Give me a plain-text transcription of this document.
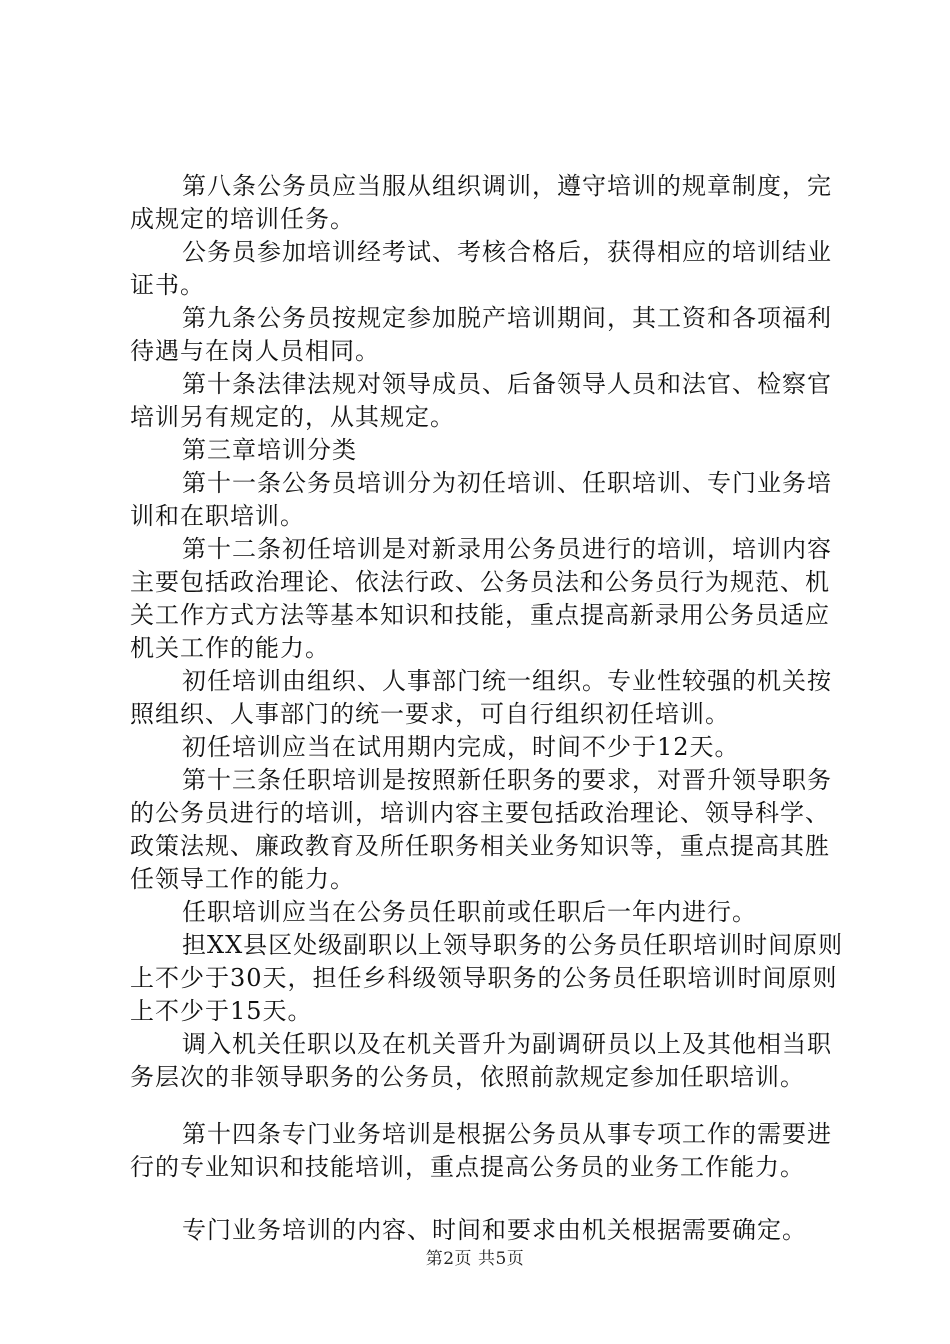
第八条公务员应当服从组织调训，遵守培训的规章制度，完成规定的培训任务。

公务员参加培训经考试、考核合格后，获得相应的培训结业证书。

第九条公务员按规定参加脱产培训期间，其工资和各项福利待遇与在岗人员相同。

第十条法律法规对领导成员、后备领导人员和法官、检察官培训另有规定的，从其规定。

第三章培训分类

第十一条公务员培训分为初任培训、任职培训、专门业务培训和在职培训。

第十二条初任培训是对新录用公务员进行的培训，培训内容主要包括政治理论、依法行政、公务员法和公务员行为规范、机关工作方式方法等基本知识和技能，重点提高新录用公务员适应机关工作的能力。

初任培训由组织、人事部门统一组织。专业性较强的机关按照组织、人事部门的统一要求，可自行组织初任培训。

初任培训应当在试用期内完成，时间不少于12天。

第十三条任职培训是按照新任职务的要求，对晋升领导职务的公务员进行的培训，培训内容主要包括政治理论、领导科学、政策法规、廉政教育及所任职务相关业务知识等，重点提高其胜任领导工作的能力。

任职培训应当在公务员任职前或任职后一年内进行。

担XX县区处级副职以上领导职务的公务员任职培训时间原则上不少于30天，担任乡科级领导职务的公务员任职培训时间原则上不少于15天。

调入机关任职以及在机关晋升为副调研员以上及其他相当职务层次的非领导职务的公务员，依照前款规定参加任职培训。

第十四条专门业务培训是根据公务员从事专项工作的需要进行的专业知识和技能培训，重点提高公务员的业务工作能力。

专门业务培训的内容、时间和要求由机关根据需要确定。

第2页 共5页
